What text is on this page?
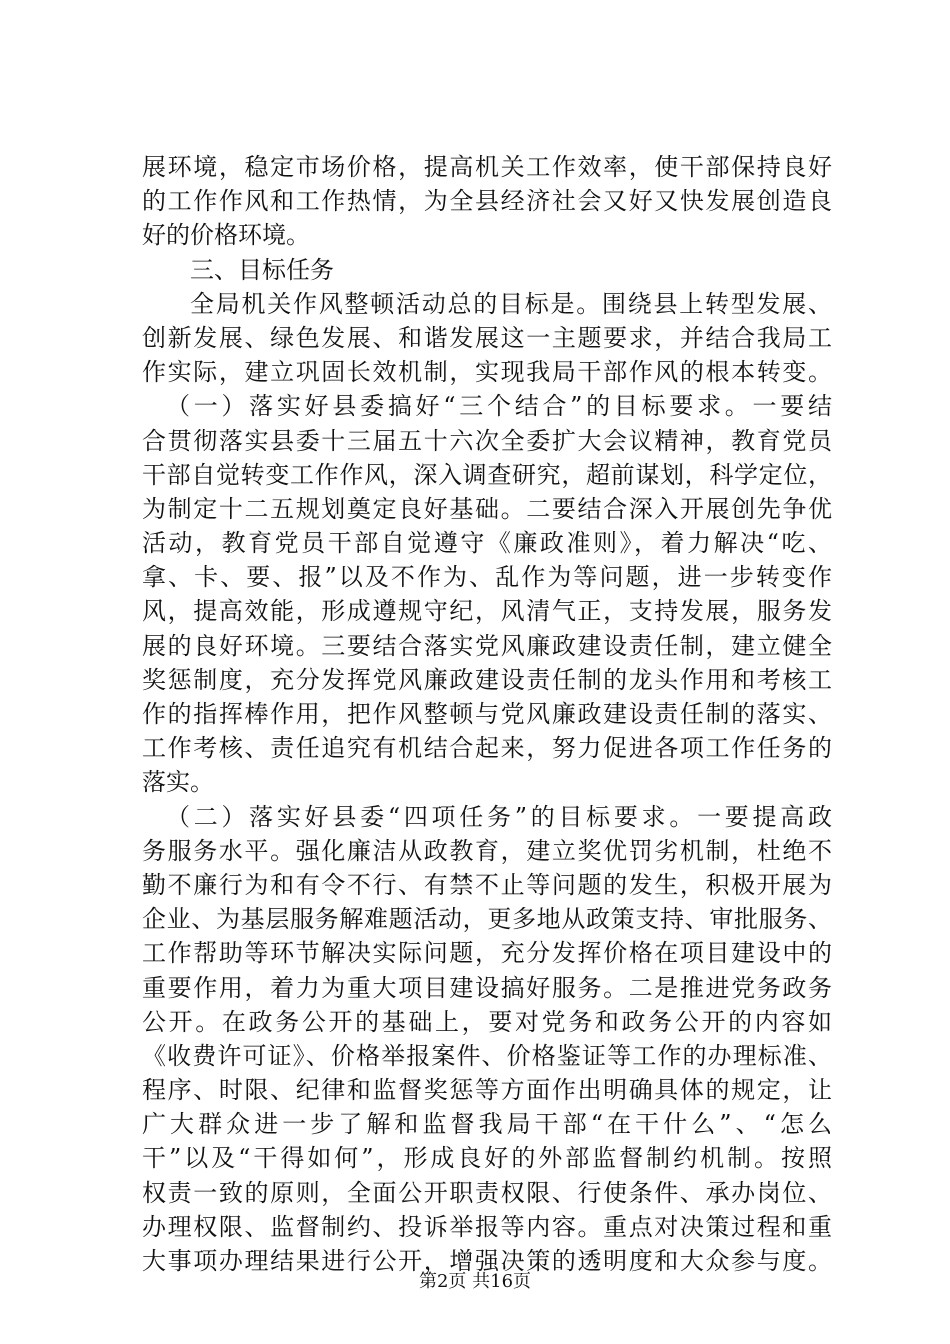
展环境，稳定市场价格，提高机关工作效率，使干部保持良好
的工作作风和工作热情，为全县经济社会又好又快发展创造良
好的价格环境。
三、目标任务
全局机关作风整顿活动总的目标是。围绕县上转型发展、
创新发展、绿色发展、和谐发展这一主题要求，并结合我局工
作实际，建立巩固长效机制，实现我局干部作风的根本转变。
（一）落实好县委搞好“三个结合”的目标要求。一要结
合贯彻落实县委十三届五十六次全委扩大会议精神，教育党员
干部自觉转变工作作风，深入调查研究，超前谋划，科学定位，
为制定十二五规划奠定良好基础。二要结合深入开展创先争优
活动，教育党员干部自觉遵守《廉政准则》，着力解决“吃、
拿、卡、要、报”以及不作为、乱作为等问题，进一步转变作
风，提高效能，形成遵规守纪，风清气正，支持发展，服务发
展的良好环境。三要结合落实党风廉政建设责任制，建立健全
奖惩制度，充分发挥党风廉政建设责任制的龙头作用和考核工
作的指挥棒作用，把作风整顿与党风廉政建设责任制的落实、
工作考核、责任追究有机结合起来，努力促进各项工作任务的
落实。
（二）落实好县委“四项任务”的目标要求。一要提高政
务服务水平。强化廉洁从政教育，建立奖优罚劣机制，杜绝不
勤不廉行为和有令不行、有禁不止等问题的发生，积极开展为
企业、为基层服务解难题活动，更多地从政策支持、审批服务、
工作帮助等环节解决实际问题，充分发挥价格在项目建设中的
重要作用，着力为重大项目建设搞好服务。二是推进党务政务
公开。在政务公开的基础上，要对党务和政务公开的内容如
《收费许可证》、价格举报案件、价格鉴证等工作的办理标准、
程序、时限、纪律和监督奖惩等方面作出明确具体的规定，让
广大群众进一步了解和监督我局干部“在干什么”、“怎么
干”以及“干得如何”，形成良好的外部监督制约机制。按照
权责一致的原则，全面公开职责权限、行使条件、承办岗位、
办理权限、监督制约、投诉举报等内容。重点对决策过程和重
大事项办理结果进行公开，增强决策的透明度和大众参与度。
第2页 共16页
